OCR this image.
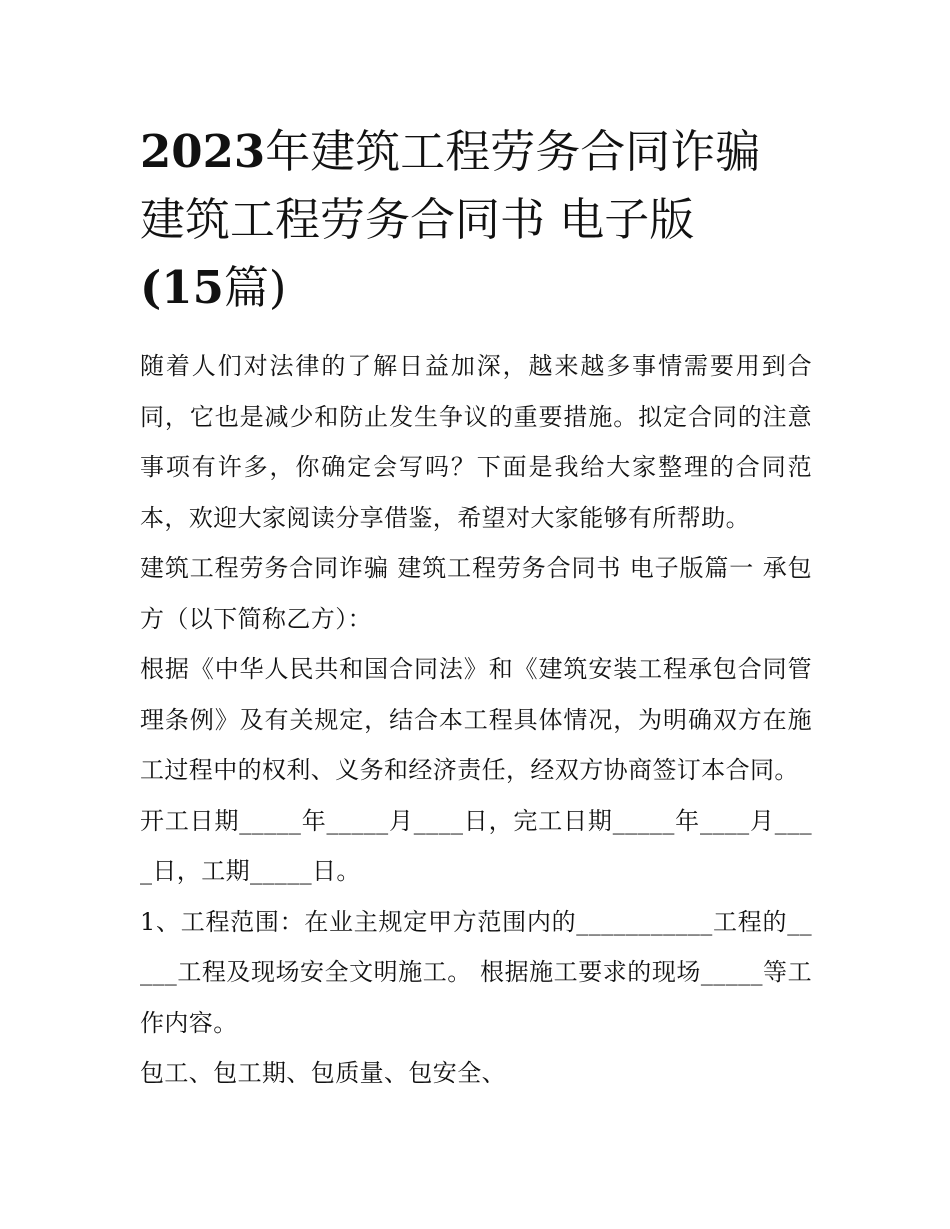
2023年建筑工程劳务合同诈骗
建筑工程劳务合同书 电子版
(15篇)

随着人们对法律的了解日益加深，越来越多事情需要用到合同，它也是减少和防止发生争议的重要措施。拟定合同的注意事项有许多，你确定会写吗？下面是我给大家整理的合同范本，欢迎大家阅读分享借鉴，希望对大家能够有所帮助。

建筑工程劳务合同诈骗 建筑工程劳务合同书 电子版篇一 承包方（以下简称乙方）：

根据《中华人民共和国合同法》和《建筑安装工程承包合同管理条例》及有关规定，结合本工程具体情况，为明确双方在施工过程中的权利、义务和经济责任，经双方协商签订本合同。

开工日期_____年_____月____日，完工日期_____年____月____日，工期_____日。

1、工程范围：在业主规定甲方范围内的___________工程的_____工程及现场安全文明施工。 根据施工要求的现场_____等工作内容。

包工、包工期、包质量、包安全、
